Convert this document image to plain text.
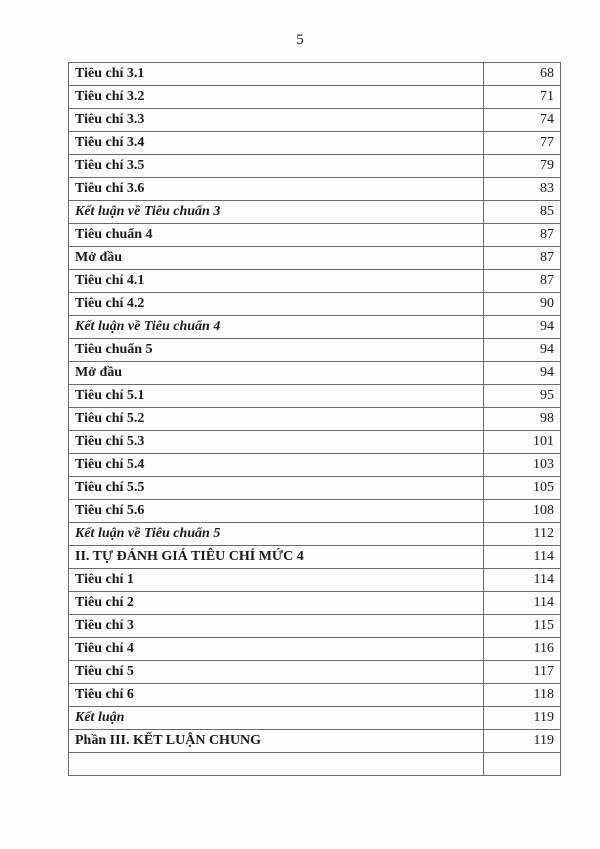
5
Tiêu chí 3.1	68
Tiêu chí 3.2	71
Tiêu chí 3.3	74
Tiêu chí 3.4	77
Tiêu chí 3.5	79
Tiêu chí 3.6	83
Kết luận về Tiêu chuẩn 3	85
Tiêu chuẩn 4	87
Mở đầu	87
Tiêu chí 4.1	87
Tiêu chí 4.2	90
Kết luận về Tiêu chuẩn 4	94
Tiêu chuẩn 5	94
Mở đầu	94
Tiêu chí 5.1	95
Tiêu chí 5.2	98
Tiêu chí 5.3	101
Tiêu chí 5.4	103
Tiêu chí 5.5	105
Tiêu chí 5.6	108
Kết luận về Tiêu chuẩn 5	112
II. TỰ ĐÁNH GIÁ TIÊU CHÍ MỨC 4	114
Tiêu chí 1	114
Tiêu chí 2	114
Tiêu chí 3	115
Tiêu chí 4	116
Tiêu chí 5	117
Tiêu chí 6	118
Kết luận	119
Phần III. KẾT LUẬN CHUNG	119
